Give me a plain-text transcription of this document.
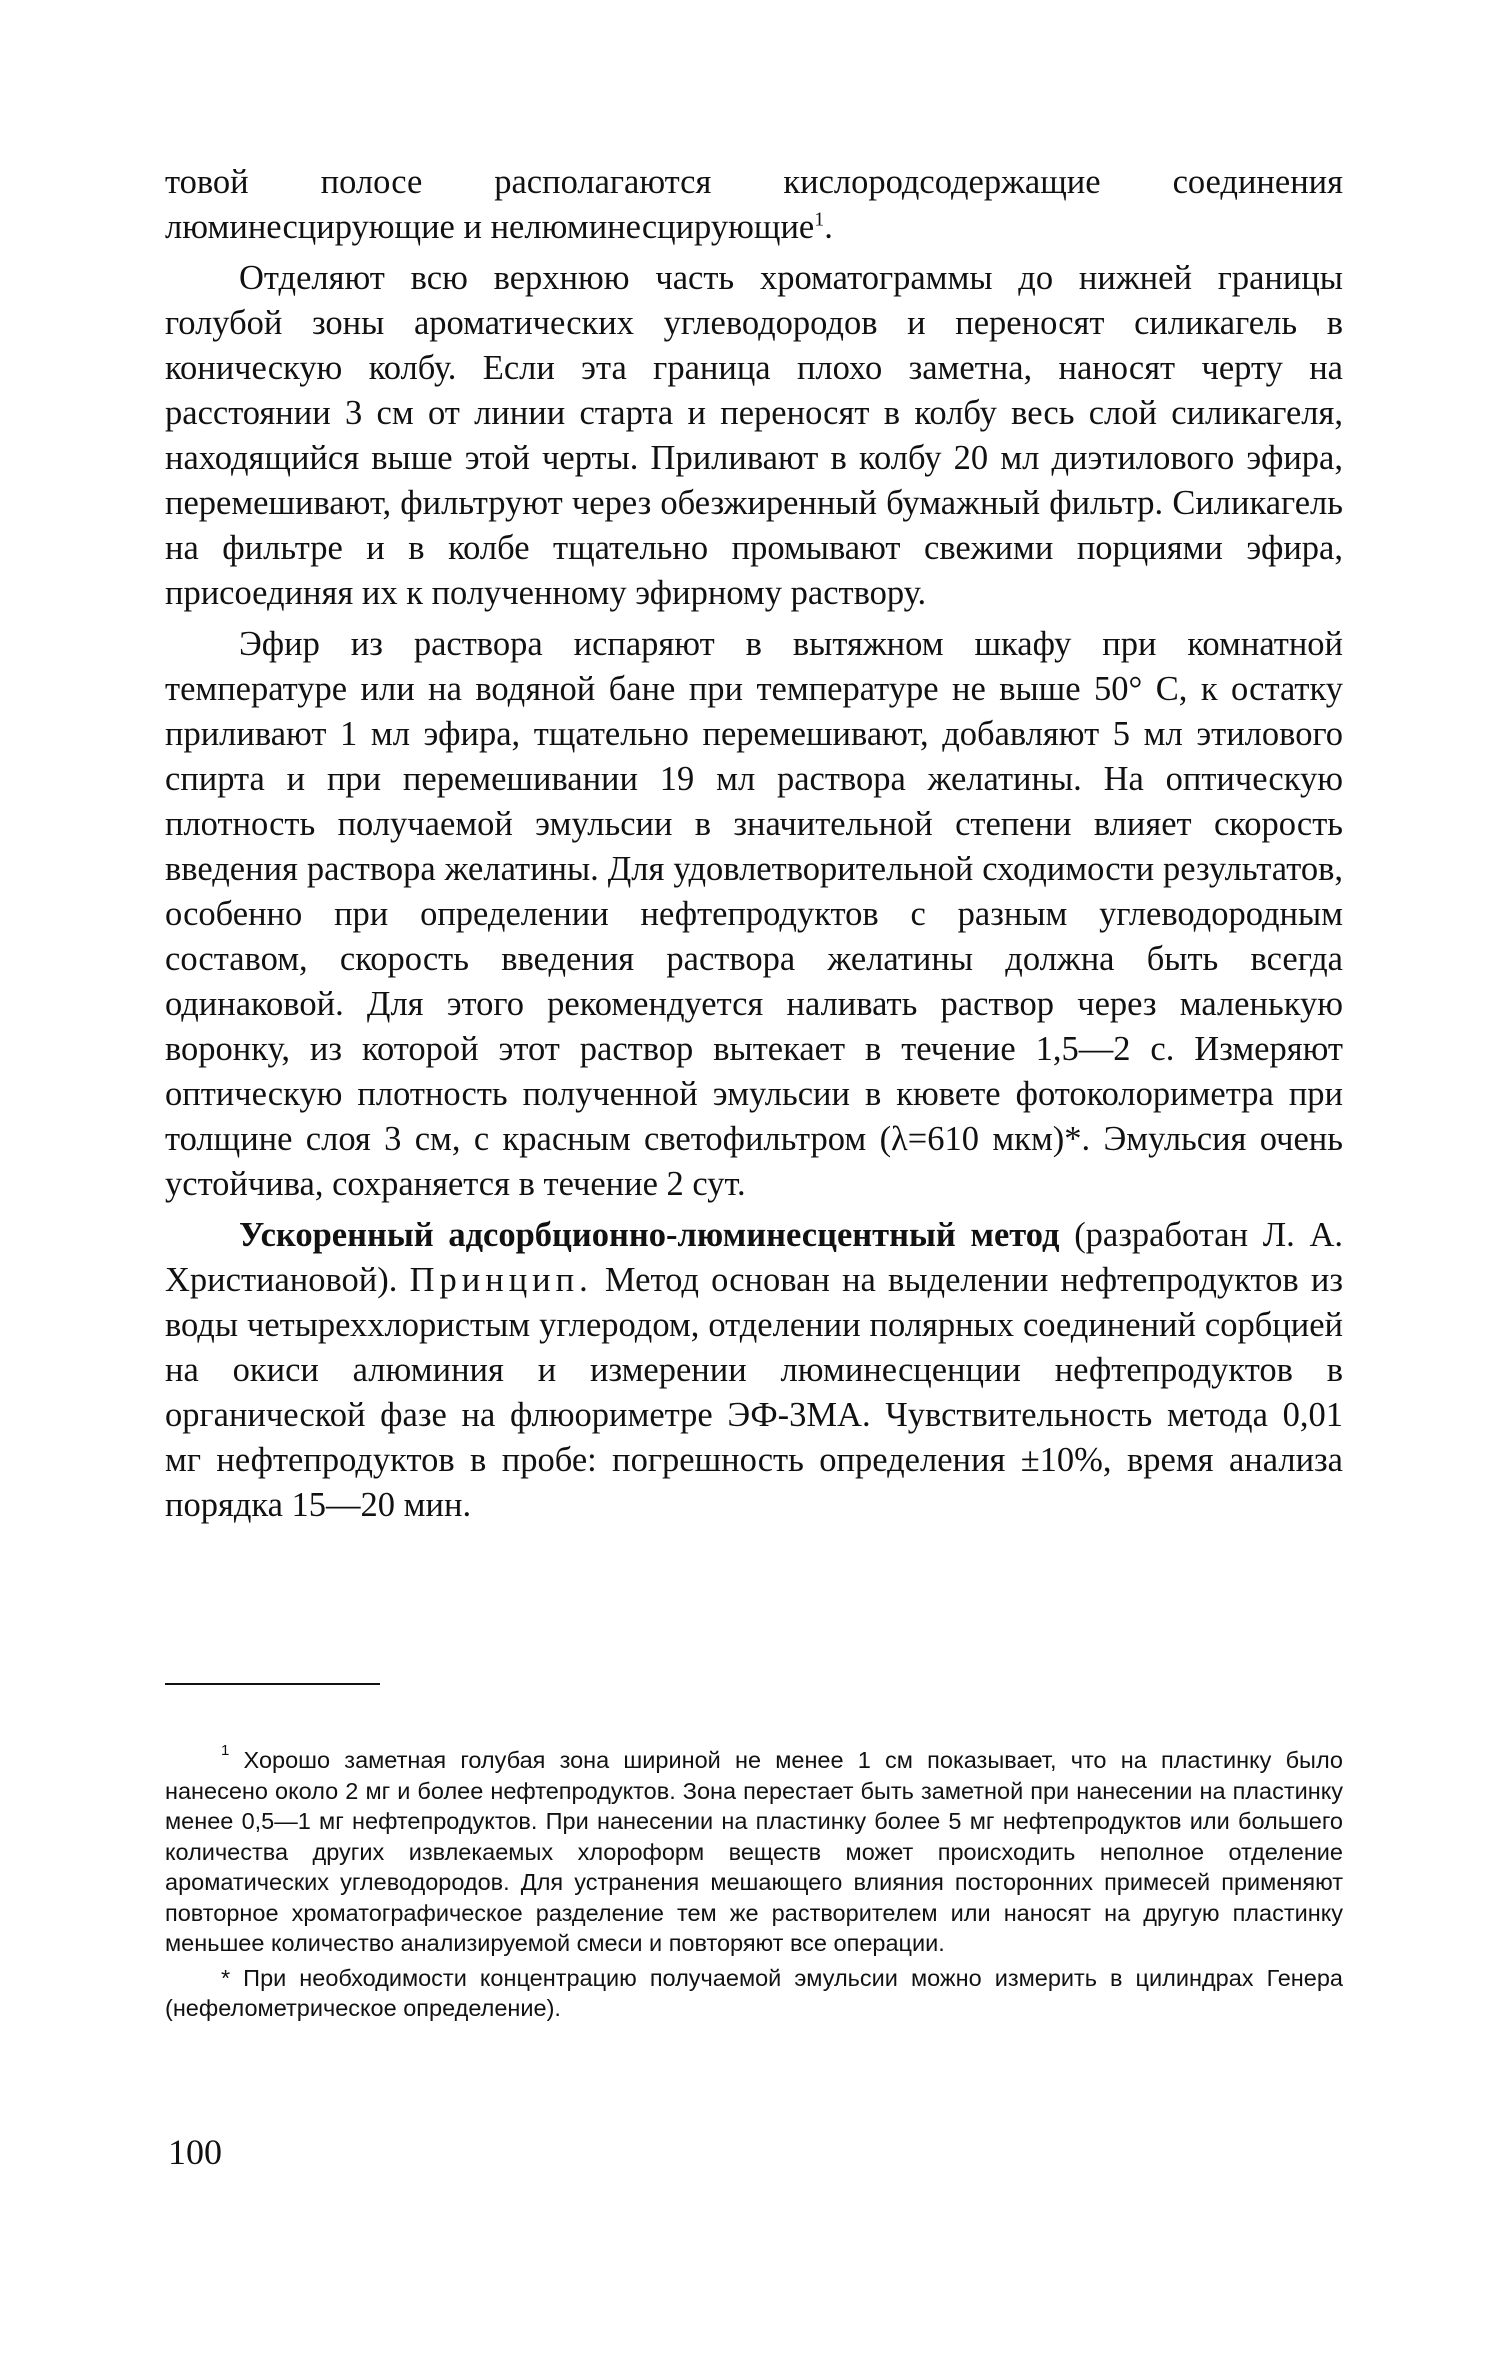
товой полосе располагаются кислородсодержащие соединения люминесцирующие и нелюминесцирующие$^1$.

Отделяют всю верхнюю часть хроматограммы до нижней границы голубой зоны ароматических углеводородов и переносят силикагель в коническую колбу. Если эта граница плохо заметна, наносят черту на расстоянии 3 см от линии старта и переносят в колбу весь слой силикагеля, находящийся выше этой черты. Приливают в колбу 20 мл диэтилового эфира, перемешивают, фильтруют через обезжиренный бумажный фильтр. Силикагель на фильтре и в колбе тщательно промывают свежими порциями эфира, присоединяя их к полученному эфирному раствору.

Эфир из раствора испаряют в вытяжном шкафу при комнатной температуре или на водяной бане при температуре не выше 50° С, к остатку приливают 1 мл эфира, тщательно перемешивают, добавляют 5 мл этилового спирта и при перемешивании 19 мл раствора желатины. На оптическую плотность получаемой эмульсии в значительной степени влияет скорость введения раствора желатины. Для удовлетворительной сходимости результатов, особенно при определении нефтепродуктов с разным углеводородным составом, скорость введения раствора желатины должна быть всегда одинаковой. Для этого рекомендуется наливать раствор через маленькую воронку, из которой этот раствор вытекает в течение 1,5—2 с. Измеряют оптическую плотность полученной эмульсии в кювете фотоколориметра при толщине слоя 3 см, с красным светофильтром (λ=610 мкм)*. Эмульсия очень устойчива, сохраняется в течение 2 сут.

Ускоренный адсорбционно-люминесцентный метод (разработан Л. А. Христиановой). Принцип. Метод основан на выделении нефтепродуктов из воды четыреххлористым углеродом, отделении полярных соединений сорбцией на окиси алюминия и измерении люминесценции нефтепродуктов в органической фазе на флюориметре ЭФ-3МА. Чувствительность метода 0,01 мг нефтепродуктов в пробе: погрешность определения ±10%, время анализа порядка 15—20 мин.

$^1$ Хорошо заметная голубая зона шириной не менее 1 см показывает, что на пластинку было нанесено около 2 мг и более нефтепродуктов. Зона перестает быть заметной при нанесении на пластинку менее 0,5—1 мг нефтепродуктов. При нанесении на пластинку более 5 мг нефтепродуктов или большего количества других извлекаемых хлороформ веществ может происходить неполное отделение ароматических углеводородов. Для устранения мешающего влияния посторонних примесей применяют повторное хроматографическое разделение тем же растворителем или наносят на другую пластинку меньшее количество анализируемой смеси и повторяют все операции.

* При необходимости концентрацию получаемой эмульсии можно измерить в цилиндрах Генера (нефелометрическое определение).

100
